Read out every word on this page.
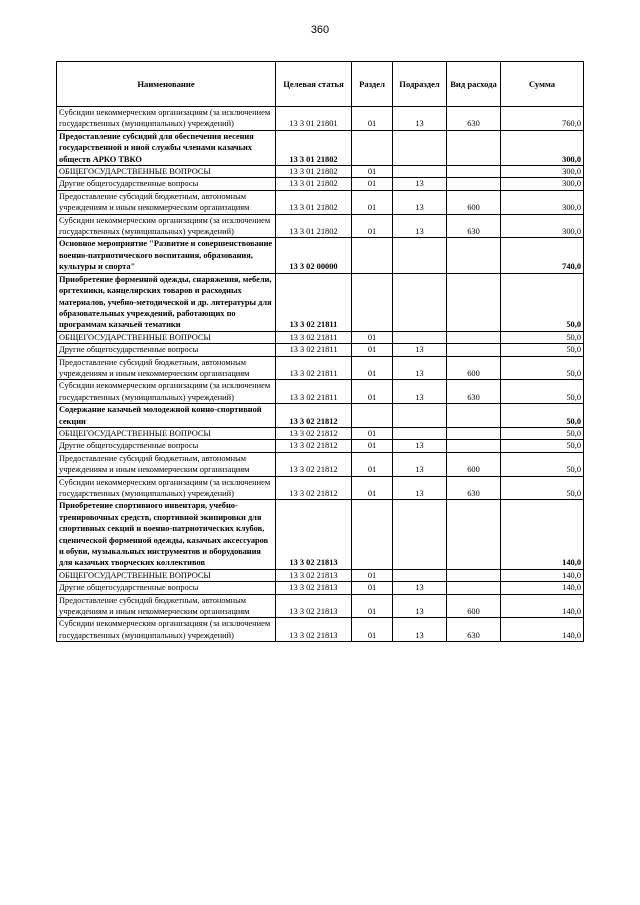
360
Наименование	Целевая статья	Раздел	Подраздел	Вид расхода	Сумма
Субсидии некоммерческим организациям (за исключением государственных (муниципальных) учреждений)	13 3 01 21801	01	13	630	760,0
Предоставление субсидий для обеспечения несения государственной и иной службы членами казачьих обществ АРКО ТВКО	13 3 01 21802				300,0
ОБЩЕГОСУДАРСТВЕННЫЕ ВОПРОСЫ	13 3 01 21802	01			300,0
Другие общегосударственные вопросы	13 3 01 21802	01	13		300,0
Предоставление субсидий бюджетным, автономным учреждениям и иным некоммерческим организациям	13 3 01 21802	01	13	600	300,0
Субсидии некоммерческим организациям (за исключением государственных (муниципальных) учреждений)	13 3 01 21802	01	13	630	300,0
Основное мероприятие "Развитие и совершенствование военно-патриотического воспитания, образования, культуры и спорта"	13 3 02 00000				740,0
Приобретение форменной одежды, снаряжения, мебели, оргтехники, канцелярских товаров и расходных материалов, учебно-методической и др. литературы для образовательных учреждений, работающих по программам казачьей тематики	13 3 02 21811				50,0
ОБЩЕГОСУДАРСТВЕННЫЕ ВОПРОСЫ	13 3 02 21811	01			50,0
Другие общегосударственные вопросы	13 3 02 21811	01	13		50,0
Предоставление субсидий бюджетным, автономным учреждениям и иным некоммерческим организациям	13 3 02 21811	01	13	600	50,0
Субсидии некоммерческим организациям (за исключением государственных (муниципальных) учреждений)	13 3 02 21811	01	13	630	50,0
Содержание казачьей молодежной конно-спортивной секции	13 3 02 21812				50,0
ОБЩЕГОСУДАРСТВЕННЫЕ ВОПРОСЫ	13 3 02 21812	01			50,0
Другие общегосударственные вопросы	13 3 02 21812	01	13		50,0
Предоставление субсидий бюджетным, автономным учреждениям и иным некоммерческим организациям	13 3 02 21812	01	13	600	50,0
Субсидии некоммерческим организациям (за исключением государственных (муниципальных) учреждений)	13 3 02 21812	01	13	630	50,0
Приобретение спортивного инвентаря, учебно-тренировочных средств, спортивной экипировки для спортивных секций и военно-патриотических клубов, сценической форменной одежды, казачьих аксессуаров и обуви, музыкальных инструментов и оборудования для казачьих творческих коллективов	13 3 02 21813				140,0
ОБЩЕГОСУДАРСТВЕННЫЕ ВОПРОСЫ	13 3 02 21813	01			140,0
Другие общегосударственные вопросы	13 3 02 21813	01	13		140,0
Предоставление субсидий бюджетным, автономным учреждениям и иным некоммерческим организациям	13 3 02 21813	01	13	600	140,0
Субсидии некоммерческим организациям (за исключением государственных (муниципальных) учреждений)	13 3 02 21813	01	13	630	140,0
